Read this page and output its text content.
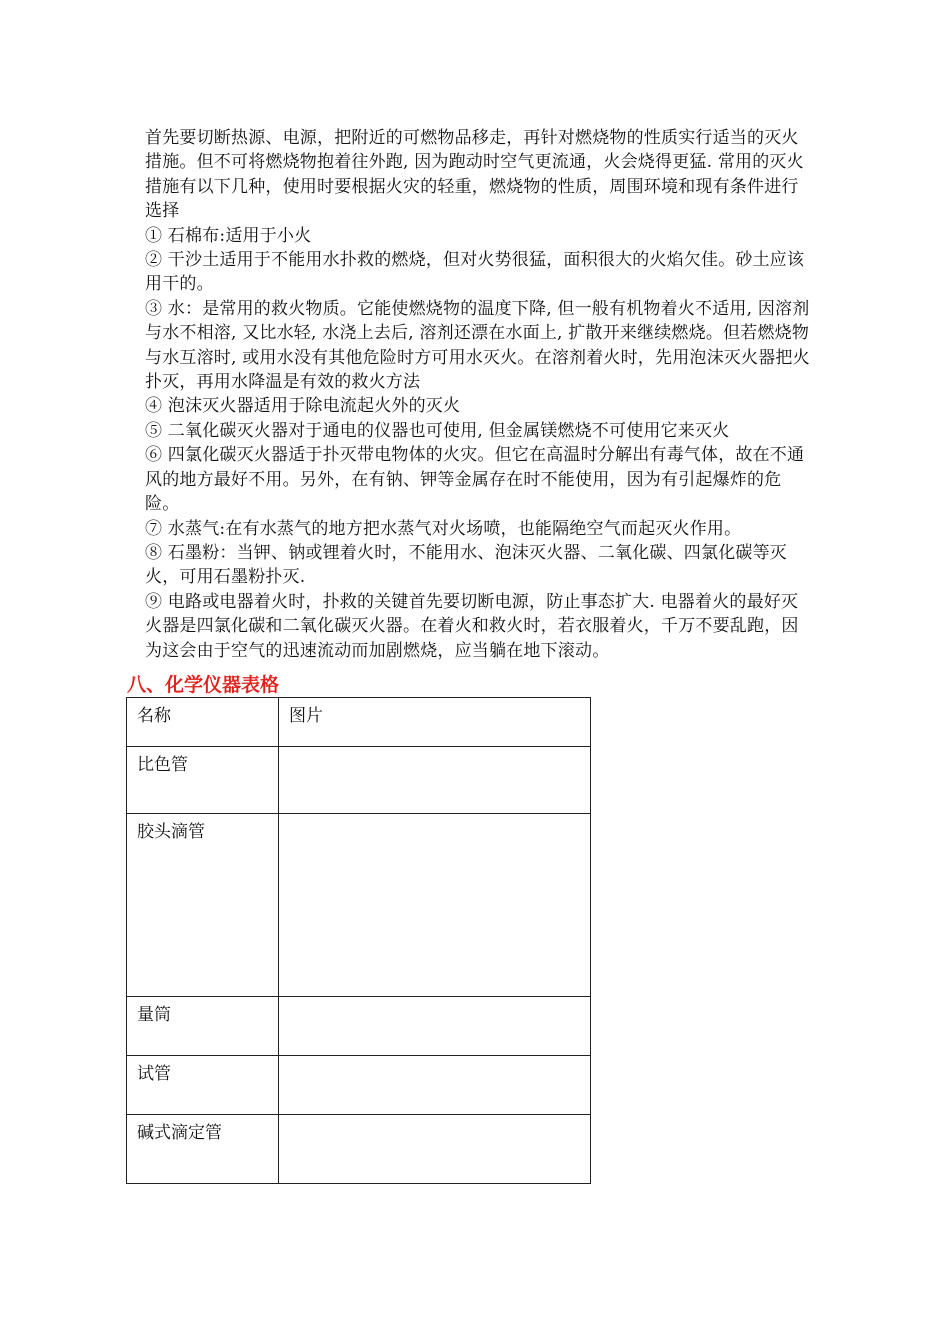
首先要切断热源、电源，把附近的可燃物品移走，再针对燃烧物的性质实行适当的灭火措施。但不可将燃烧物抱着往外跑, 因为跑动时空气更流通，火会烧得更猛. 常用的灭火措施有以下几种，使用时要根据火灾的轻重，燃烧物的性质，周围环境和现有条件进行选择

① 石棉布:适用于小火

② 干沙土适用于不能用水扑救的燃烧，但对火势很猛，面积很大的火焰欠佳。砂土应该用干的。

③ 水：是常用的救火物质。它能使燃烧物的温度下降, 但一般有机物着火不适用, 因溶剂与水不相溶, 又比水轻, 水浇上去后, 溶剂还漂在水面上, 扩散开来继续燃烧。但若燃烧物与水互溶时, 或用水没有其他危险时方可用水灭火。在溶剂着火时，先用泡沫灭火器把火扑灭，再用水降温是有效的救火方法

④ 泡沫灭火器适用于除电流起火外的灭火

⑤ 二氧化碳灭火器对于通电的仪器也可使用, 但金属镁燃烧不可使用它来灭火

⑥ 四氯化碳灭火器适于扑灭带电物体的火灾。但它在高温时分解出有毒气体，故在不通风的地方最好不用。另外，在有钠、钾等金属存在时不能使用，因为有引起爆炸的危险。

⑦ 水蒸气:在有水蒸气的地方把水蒸气对火场喷，也能隔绝空气而起灭火作用。

⑧ 石墨粉：当钾、钠或锂着火时，不能用水、泡沫灭火器、二氧化碳、四氯化碳等灭火，可用石墨粉扑灭.

⑨ 电路或电器着火时，扑救的关键首先要切断电源，防止事态扩大. 电器着火的最好灭火器是四氯化碳和二氧化碳灭火器。在着火和救火时，若衣服着火，千万不要乱跑，因为这会由于空气的迅速流动而加剧燃烧，应当躺在地下滚动。

八、化学仪器表格
名称	图片
比色管	
胶头滴管	
量筒	
试管	
碱式滴定管	
